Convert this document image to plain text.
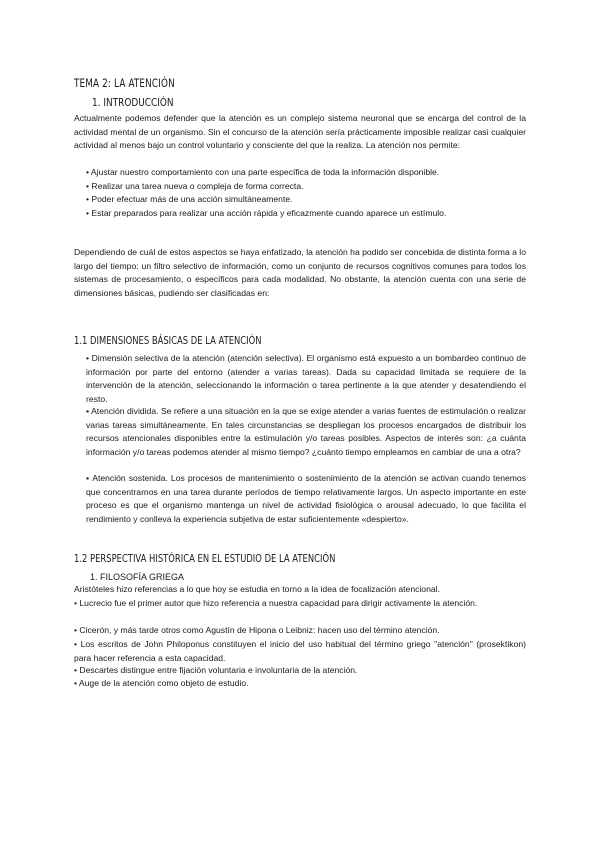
TEMA 2: LA ATENCIÓN
1. INTRODUCCIÓN

Actualmente podemos defender que la atención es un complejo sistema neuronal que se encarga del control de la actividad mental de un organismo. Sin el concurso de la atención sería prácticamente imposible realizar casi cualquier actividad al menos bajo un control voluntario y consciente del que la realiza. La atención nos permite:

• Ajustar nuestro comportamiento con una parte específica de toda la información disponible.

• Realizar una tarea nueva o compleja de forma correcta.

• Poder efectuar más de una acción simultáneamente.

• Estar preparados para realizar una acción rápida y eficazmente cuando aparece un estímulo.

Dependiendo de cuál de estos aspectos se haya enfatizado, la atención ha podido ser concebida de distinta forma a lo largo del tiempo: un filtro selectivo de información, como un conjunto de recursos cognitivos comunes para todos los sistemas de procesamiento, o específicos para cada modalidad. No obstante, la atención cuenta con una serie de dimensiones básicas, pudiendo ser clasificadas en:

1.1 DIMENSIONES BÁSICAS DE LA ATENCIÓN

• Dimensión selectiva de la atención (atención selectiva). El organismo está expuesto a un bombardeo continuo de información por parte del entorno (atender a varias tareas). Dada su capacidad limitada se requiere de la intervención de la atención, seleccionando la información o tarea pertinente a la que atender y desatendiendo el resto.

▪ Atención dividida. Se refiere a una situación en la que se exige atender a varias fuentes de estimulación o realizar varias tareas simultáneamente. En tales circunstancias se despliegan los procesos encargados de distribuir los recursos atencionales disponibles entre la estimulación y/o tareas posibles. Aspectos de interés son: ¿a cuánta información y/o tareas podemos atender al mismo tiempo? ¿cuánto tiempo empleamos en cambiar de una a otra?

▪ Atención sostenida. Los procesos de mantenimiento o sostenimiento de la atención se activan cuando tenemos que concentrarnos en una tarea durante períodos de tiempo relativamente largos. Un aspecto importante en este proceso es que el organismo mantenga un nivel de actividad fisiológica o arousal adecuado, lo que facilita el rendimiento y conlleva la experiencia subjetiva de estar suficientemente «despierto».

1.2 PERSPECTIVA HISTÓRICA EN EL ESTUDIO DE LA ATENCIÓN
1. FILOSOFÍA GRIEGA
Aristóteles hizo referencias a lo que hoy se estudia en torno a la idea de focalización atencional.

• Lucrecio fue el primer autor que hizo referencia a nuestra capacidad para dirigir activamente la atención.

• Cicerón, y más tarde otros como Agustín de Hipona o Leibniz: hacen uso del término atención.

• Los escritos de John Philoponus constituyen el inicio del uso habitual del término griego "atención" (prosektikon) para hacer referencia a esta capacidad.

• Descartes distingue entre fijación voluntaria e involuntaria de la atención.
• Auge de la atención como objeto de estudio.
